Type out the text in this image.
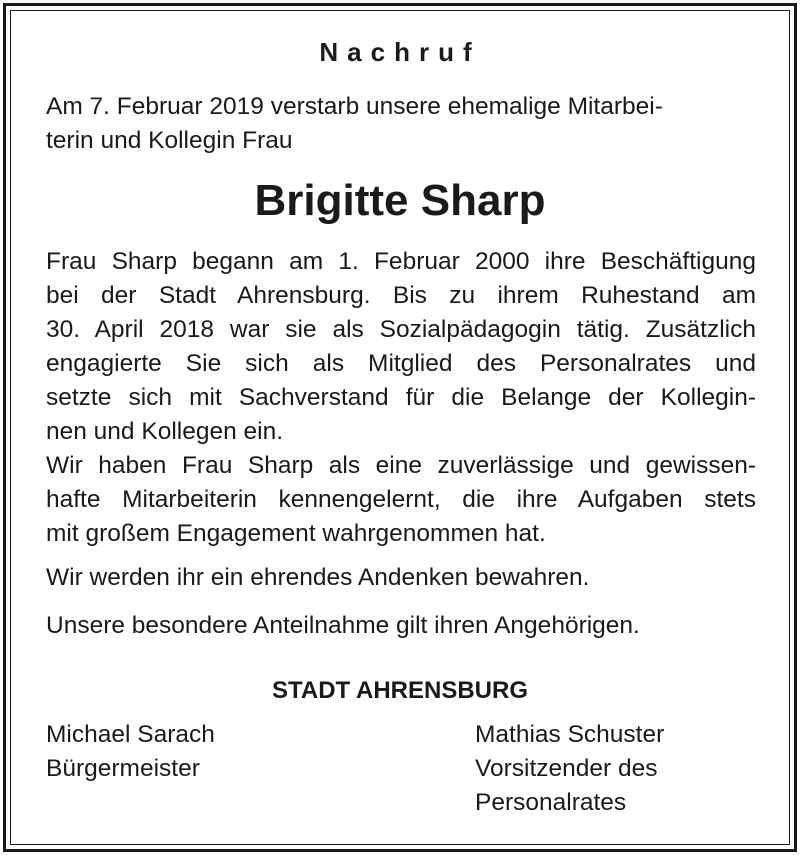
Nachruf
Am 7. Februar 2019 verstarb unsere ehemalige Mitarbei-
terin und Kollegin Frau
Brigitte Sharp
Frau Sharp begann am 1. Februar 2000 ihre Beschäftigung
bei der Stadt Ahrensburg. Bis zu ihrem Ruhestand am
30. April 2018 war sie als Sozialpädagogin tätig. Zusätzlich
engagierte Sie sich als Mitglied des Personalrates und
setzte sich mit Sachverstand für die Belange der Kollegin-
nen und Kollegen ein.
Wir haben Frau Sharp als eine zuverlässige und gewissen-
hafte Mitarbeiterin kennengelernt, die ihre Aufgaben stets
mit großem Engagement wahrgenommen hat.
Wir werden ihr ein ehrendes Andenken bewahren.
Unsere besondere Anteilnahme gilt ihren Angehörigen.
STADT AHRENSBURG
Michael Sarach
Bürgermeister
Mathias Schuster
Vorsitzender des
Personalrates
